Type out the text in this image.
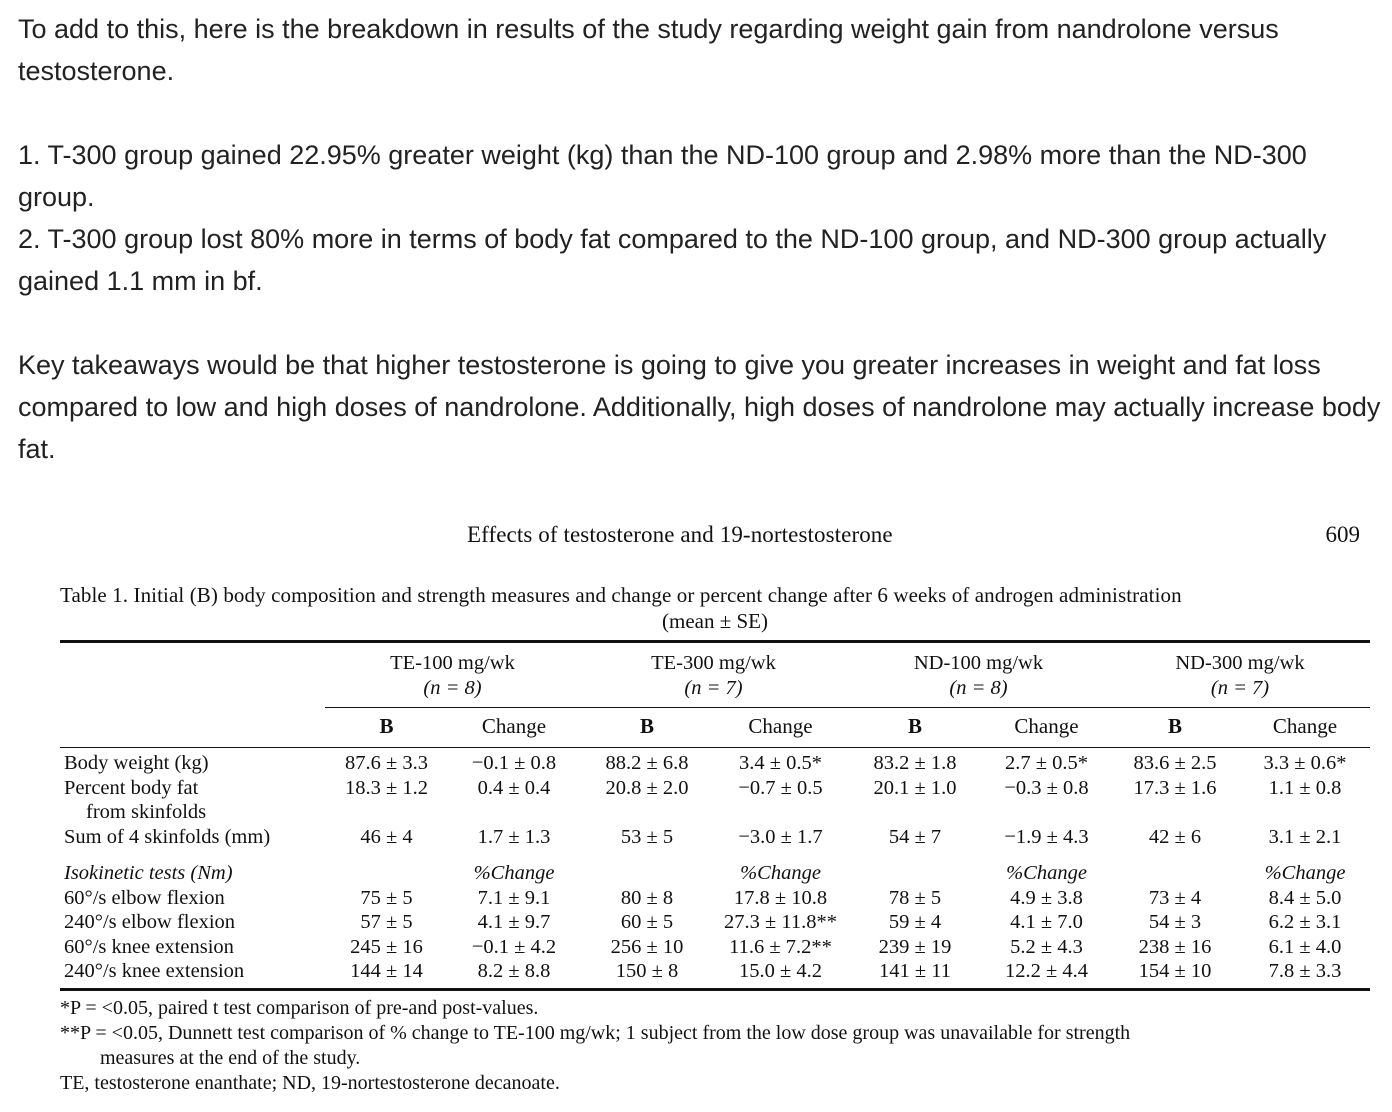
To add to this, here is the breakdown in results of the study regarding weight gain from nandrolone versus testosterone.

1. T-300 group gained 22.95% greater weight (kg) than the ND-100 group and 2.98% more than the ND-300 group.

2. T-300 group lost 80% more in terms of body fat compared to the ND-100 group, and ND-300 group actually gained 1.1 mm in bf.

Key takeaways would be that higher testosterone is going to give you greater increases in weight and fat loss compared to low and high doses of nandrolone. Additionally, high doses of nandrolone may actually increase body fat.

Effects of testosterone and 19-nortestosterone	609
Table 1. Initial (B) body composition and strength measures and change or percent change after 6 weeks of androgen administration
(mean ± SE)
	TE-100 mg/wk
(n = 8)		TE-300 mg/wk
(n = 7)		ND-100 mg/wk
(n = 8)		ND-300 mg/wk
(n = 7)	
	B	Change	B	Change	B	Change	B	Change

Body weight (kg)	87.6 ± 3.3	−0.1 ± 0.8	88.2 ± 6.8	3.4 ± 0.5*	83.2 ± 1.8	2.7 ± 0.5*	83.6 ± 2.5	3.3 ± 0.6*
Percent body fat	18.3 ± 1.2	0.4 ± 0.4	20.8 ± 2.0	−0.7 ± 0.5	20.1 ± 1.0	−0.3 ± 0.8	17.3 ± 1.6	1.1 ± 0.8
from skinfolds								
Sum of 4 skinfolds (mm)	46 ± 4	1.7 ± 1.3	53 ± 5	−3.0 ± 1.7	54 ± 7	−1.9 ± 4.3	42 ± 6	3.1 ± 2.1

Isokinetic tests (Nm)		%Change		%Change		%Change		%Change
60°/s elbow flexion	75 ± 5	7.1 ± 9.1	80 ± 8	17.8 ± 10.8	78 ± 5	4.9 ± 3.8	73 ± 4	8.4 ± 5.0
240°/s elbow flexion	57 ± 5	4.1 ± 9.7	60 ± 5	27.3 ± 11.8**	59 ± 4	4.1 ± 7.0	54 ± 3	6.2 ± 3.1
60°/s knee extension	245 ± 16	−0.1 ± 4.2	256 ± 10	11.6 ± 7.2**	239 ± 19	5.2 ± 4.3	238 ± 16	6.1 ± 4.0
240°/s knee extension	144 ± 14	8.2 ± 8.8	150 ± 8	15.0 ± 4.2	141 ± 11	12.2 ± 4.4	154 ± 10	7.8 ± 3.3

*P = <0.05, paired t test comparison of pre-and post-values.

**P = <0.05, Dunnett test comparison of % change to TE-100 mg/wk; 1 subject from the low dose group was unavailable for strength

measures at the end of the study.

TE, testosterone enanthate; ND, 19-nortestosterone decanoate.
